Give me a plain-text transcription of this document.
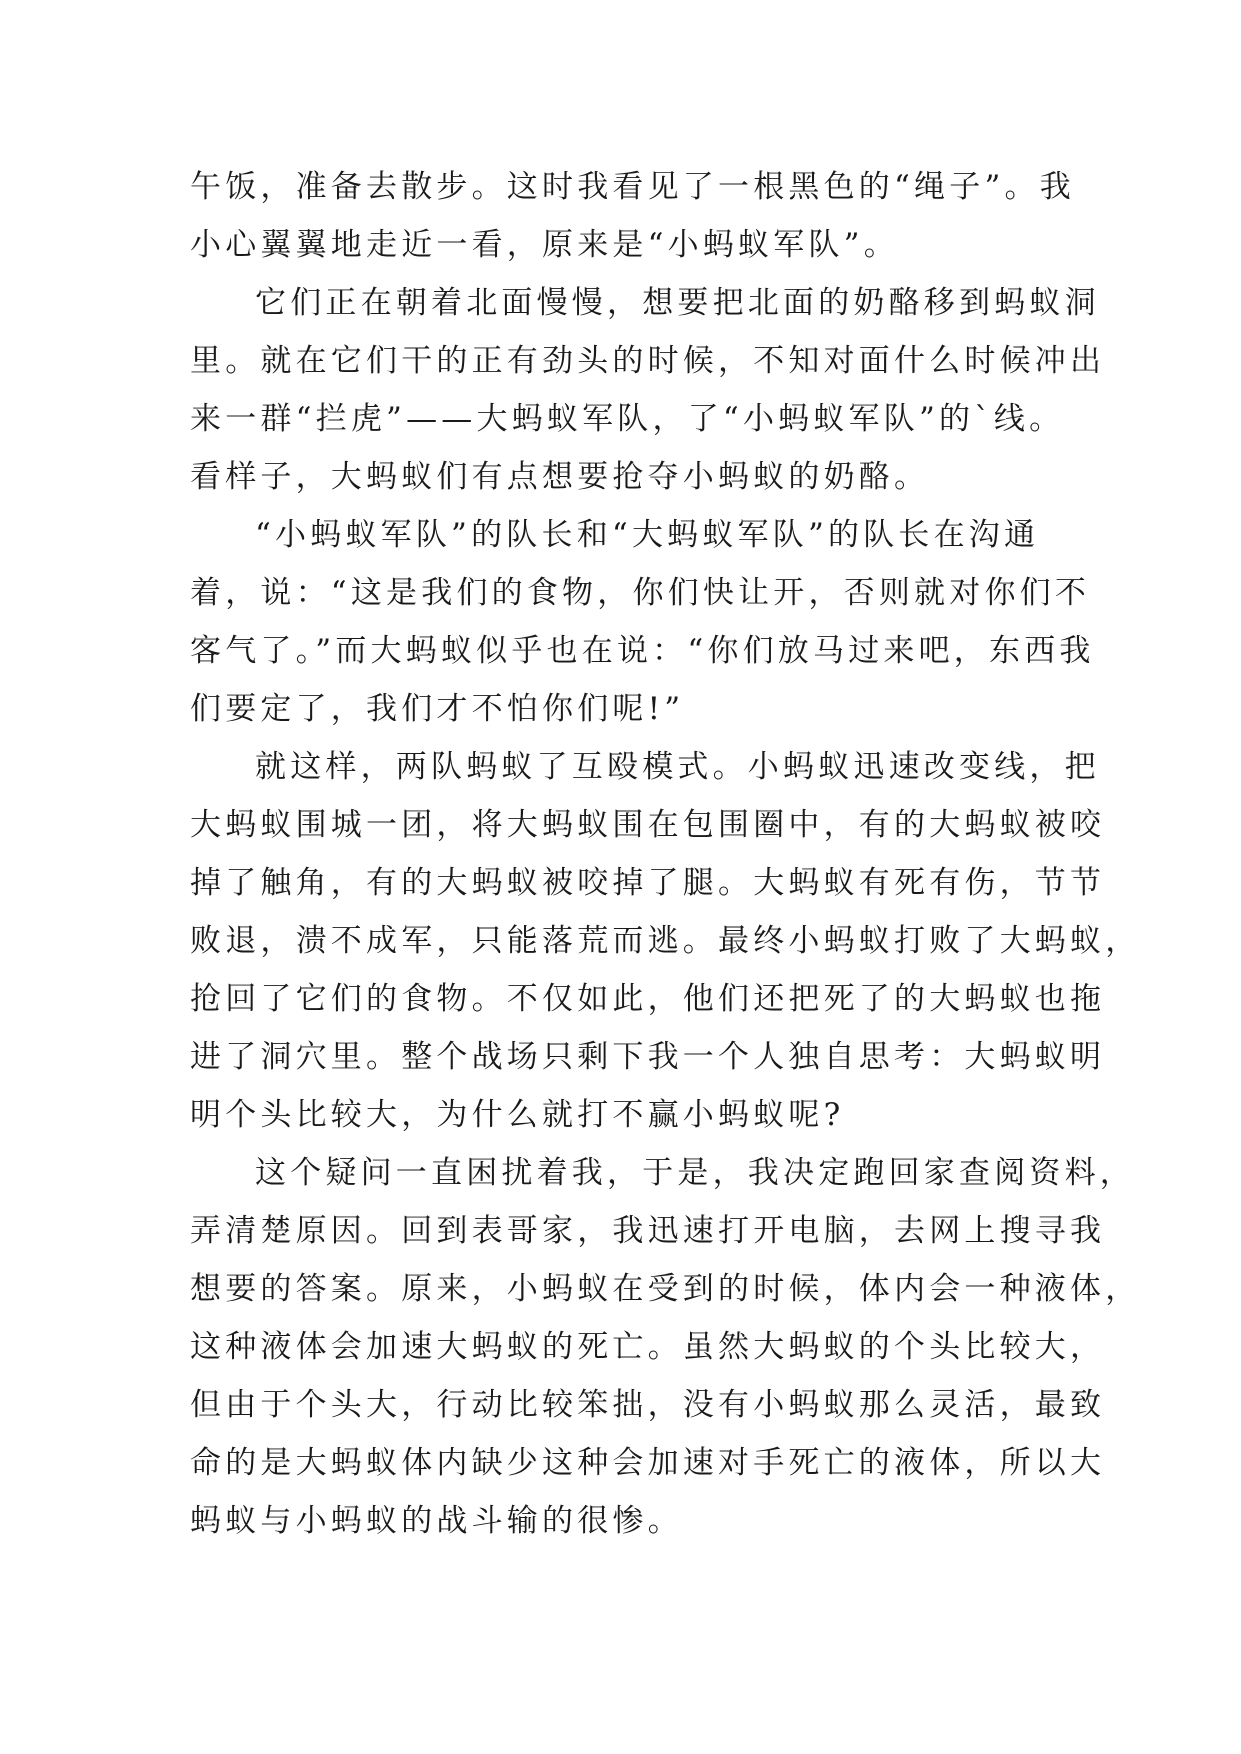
午饭，准备去散步。这时我看见了一根黑色的“绳子”。我
小心翼翼地走近一看，原来是“小蚂蚁军队”。
它们正在朝着北面慢慢，想要把北面的奶酪移到蚂蚁洞
里。就在它们干的正有劲头的时候，不知对面什么时候冲出
来一群“拦虎”——大蚂蚁军队，了“小蚂蚁军队”的`线。
看样子，大蚂蚁们有点想要抢夺小蚂蚁的奶酪。
“小蚂蚁军队”的队长和“大蚂蚁军队”的队长在沟通
着，说：“这是我们的食物，你们快让开，否则就对你们不
客气了。”而大蚂蚁似乎也在说：“你们放马过来吧，东西我
们要定了，我们才不怕你们呢!”
就这样，两队蚂蚁了互殴模式。小蚂蚁迅速改变线，把
大蚂蚁围城一团，将大蚂蚁围在包围圈中，有的大蚂蚁被咬
掉了触角，有的大蚂蚁被咬掉了腿。大蚂蚁有死有伤，节节
败退，溃不成军，只能落荒而逃。最终小蚂蚁打败了大蚂蚁，
抢回了它们的食物。不仅如此，他们还把死了的大蚂蚁也拖
进了洞穴里。整个战场只剩下我一个人独自思考：大蚂蚁明
明个头比较大，为什么就打不赢小蚂蚁呢?
这个疑问一直困扰着我，于是，我决定跑回家查阅资料，
弄清楚原因。回到表哥家，我迅速打开电脑，去网上搜寻我
想要的答案。原来，小蚂蚁在受到的时候，体内会一种液体，
这种液体会加速大蚂蚁的死亡。虽然大蚂蚁的个头比较大，
但由于个头大，行动比较笨拙，没有小蚂蚁那么灵活，最致
命的是大蚂蚁体内缺少这种会加速对手死亡的液体，所以大
蚂蚁与小蚂蚁的战斗输的很惨。
